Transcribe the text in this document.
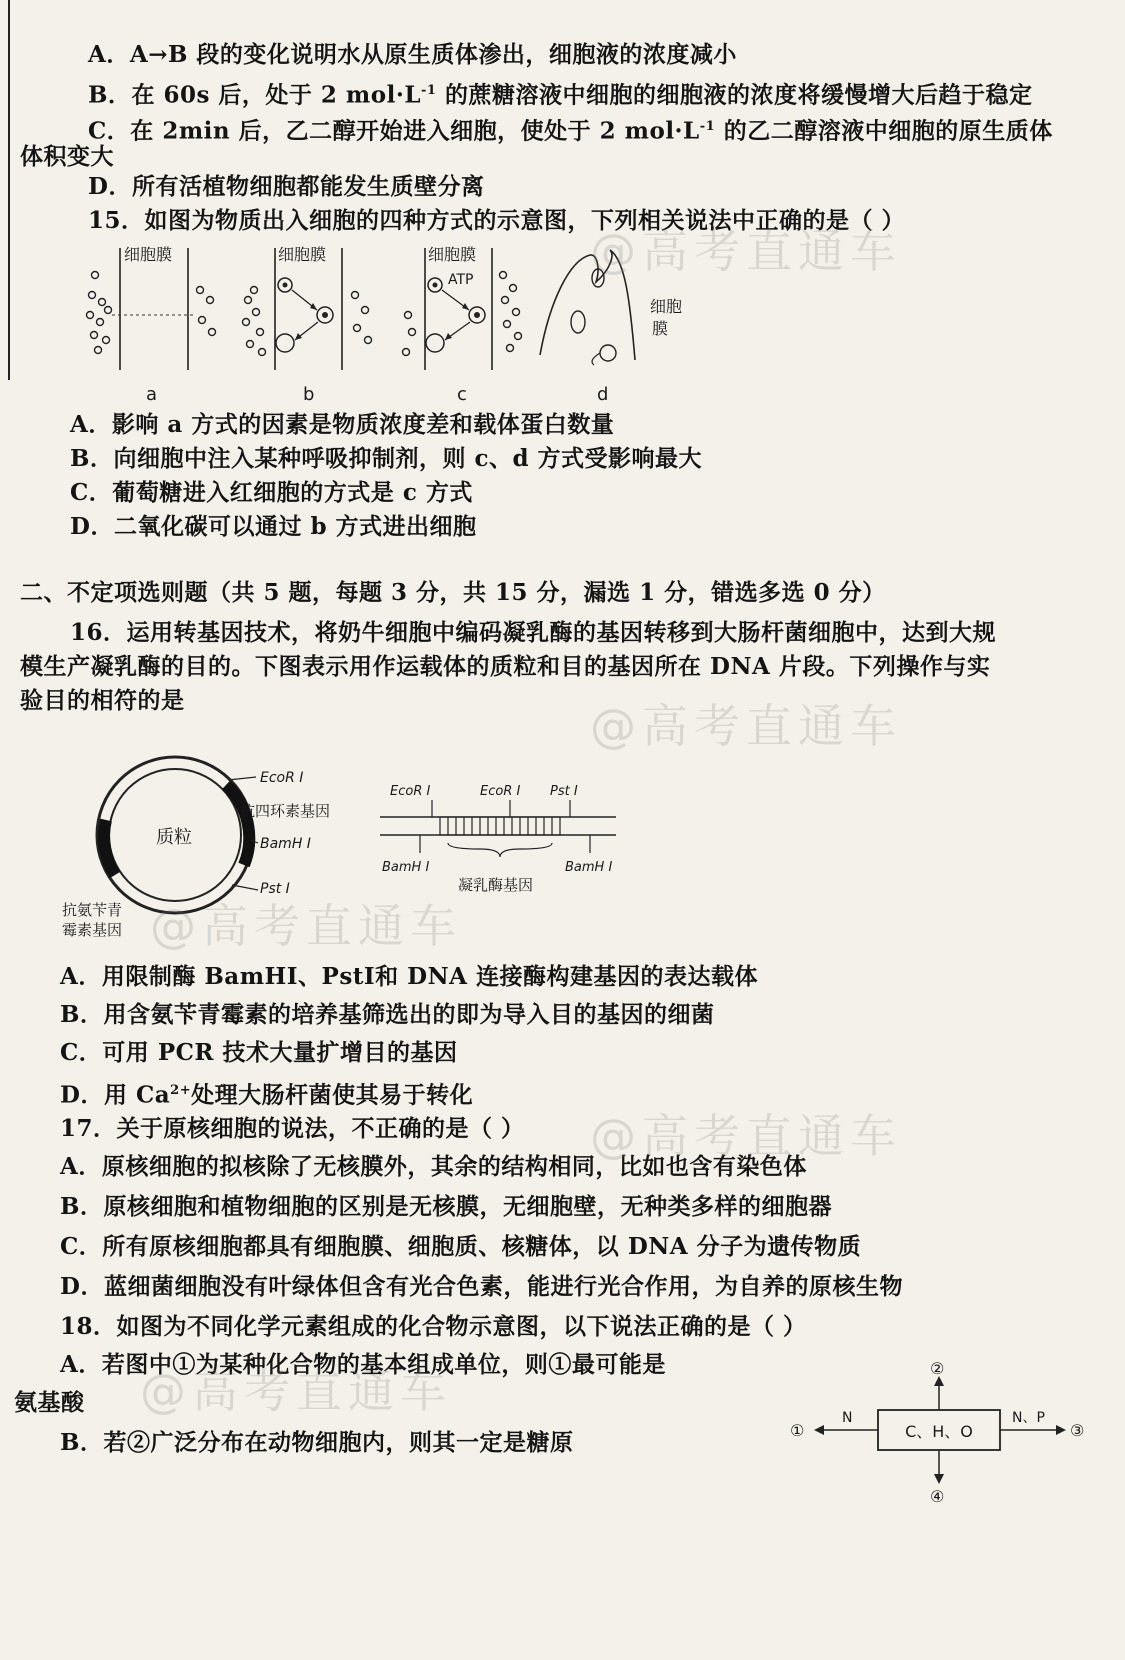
A．A→B 段的变化说明水从原生质体渗出，细胞液的浓度减小
B．在 60s 后，处于 2 $mol\cdot L^{-1}$ 的蔗糖溶液中细胞的细胞液的浓度将缓慢增大后趋于稳定
C．在 2min 后，乙二醇开始进入细胞，使处于 2 $mol\cdot L^{-1}$ 的乙二醇溶液中细胞的原生质体
体积变大
D．所有活植物细胞都能发生质壁分离
15．如图为物质出入细胞的四种方式的示意图，下列相关说法中正确的是（ ）
细胞膜	细胞膜	细胞膜
ATP
细胞
膜
a	b	c	d
A．影响 a 方式的因素是物质浓度差和载体蛋白数量
B．向细胞中注入某种呼吸抑制剂，则 c、d 方式受影响最大
C．葡萄糖进入红细胞的方式是 c 方式
D．二氧化碳可以通过 b 方式进出细胞
二、不定项选则题（共 5 题，每题 3 分，共 15 分，漏选 1 分，错选多选 0 分）
16．运用转基因技术，将奶牛细胞中编码凝乳酶的基因转移到大肠杆菌细胞中，达到大规
模生产凝乳酶的目的。下图表示用作运载体的质粒和目的基因所在 DNA 片段。下列操作与实
验目的相符的是
质粒
EcoR Ⅰ
抗四环素基因
BamH Ⅰ
Pst Ⅰ
抗氨苄青
霉素基因
EcoR Ⅰ	EcoR Ⅰ Pst Ⅰ
BamH Ⅰ	BamH Ⅰ
凝乳酶基因
A．用限制酶 BamHⅠ、PstⅠ和 DNA 连接酶构建基因的表达载体
B．用含氨苄青霉素的培养基筛选出的即为导入目的基因的细菌
C．可用 PCR 技术大量扩增目的基因
D．用 $Ca^{2+}$处理大肠杆菌使其易于转化
17．关于原核细胞的说法，不正确的是（ ）
A．原核细胞的拟核除了无核膜外，其余的结构相同，比如也含有染色体
B．原核细胞和植物细胞的区别是无核膜，无细胞壁，无种类多样的细胞器
C．所有原核细胞都具有细胞膜、细胞质、核糖体，以 DNA 分子为遗传物质
D．蓝细菌细胞没有叶绿体但含有光合色素，能进行光合作用，为自养的原核生物
18．如图为不同化学元素组成的化合物示意图，以下说法正确的是（ ）
A．若图中①为某种化合物的基本组成单位，则①最可能是
氨基酸
B．若②广泛分布在动物细胞内，则其一定是糖原	C、H、O
N
①
N、P
③
②
④
@高考直通车
@高考直通车
@高考直通车
@高考直通车
@高考直通车
